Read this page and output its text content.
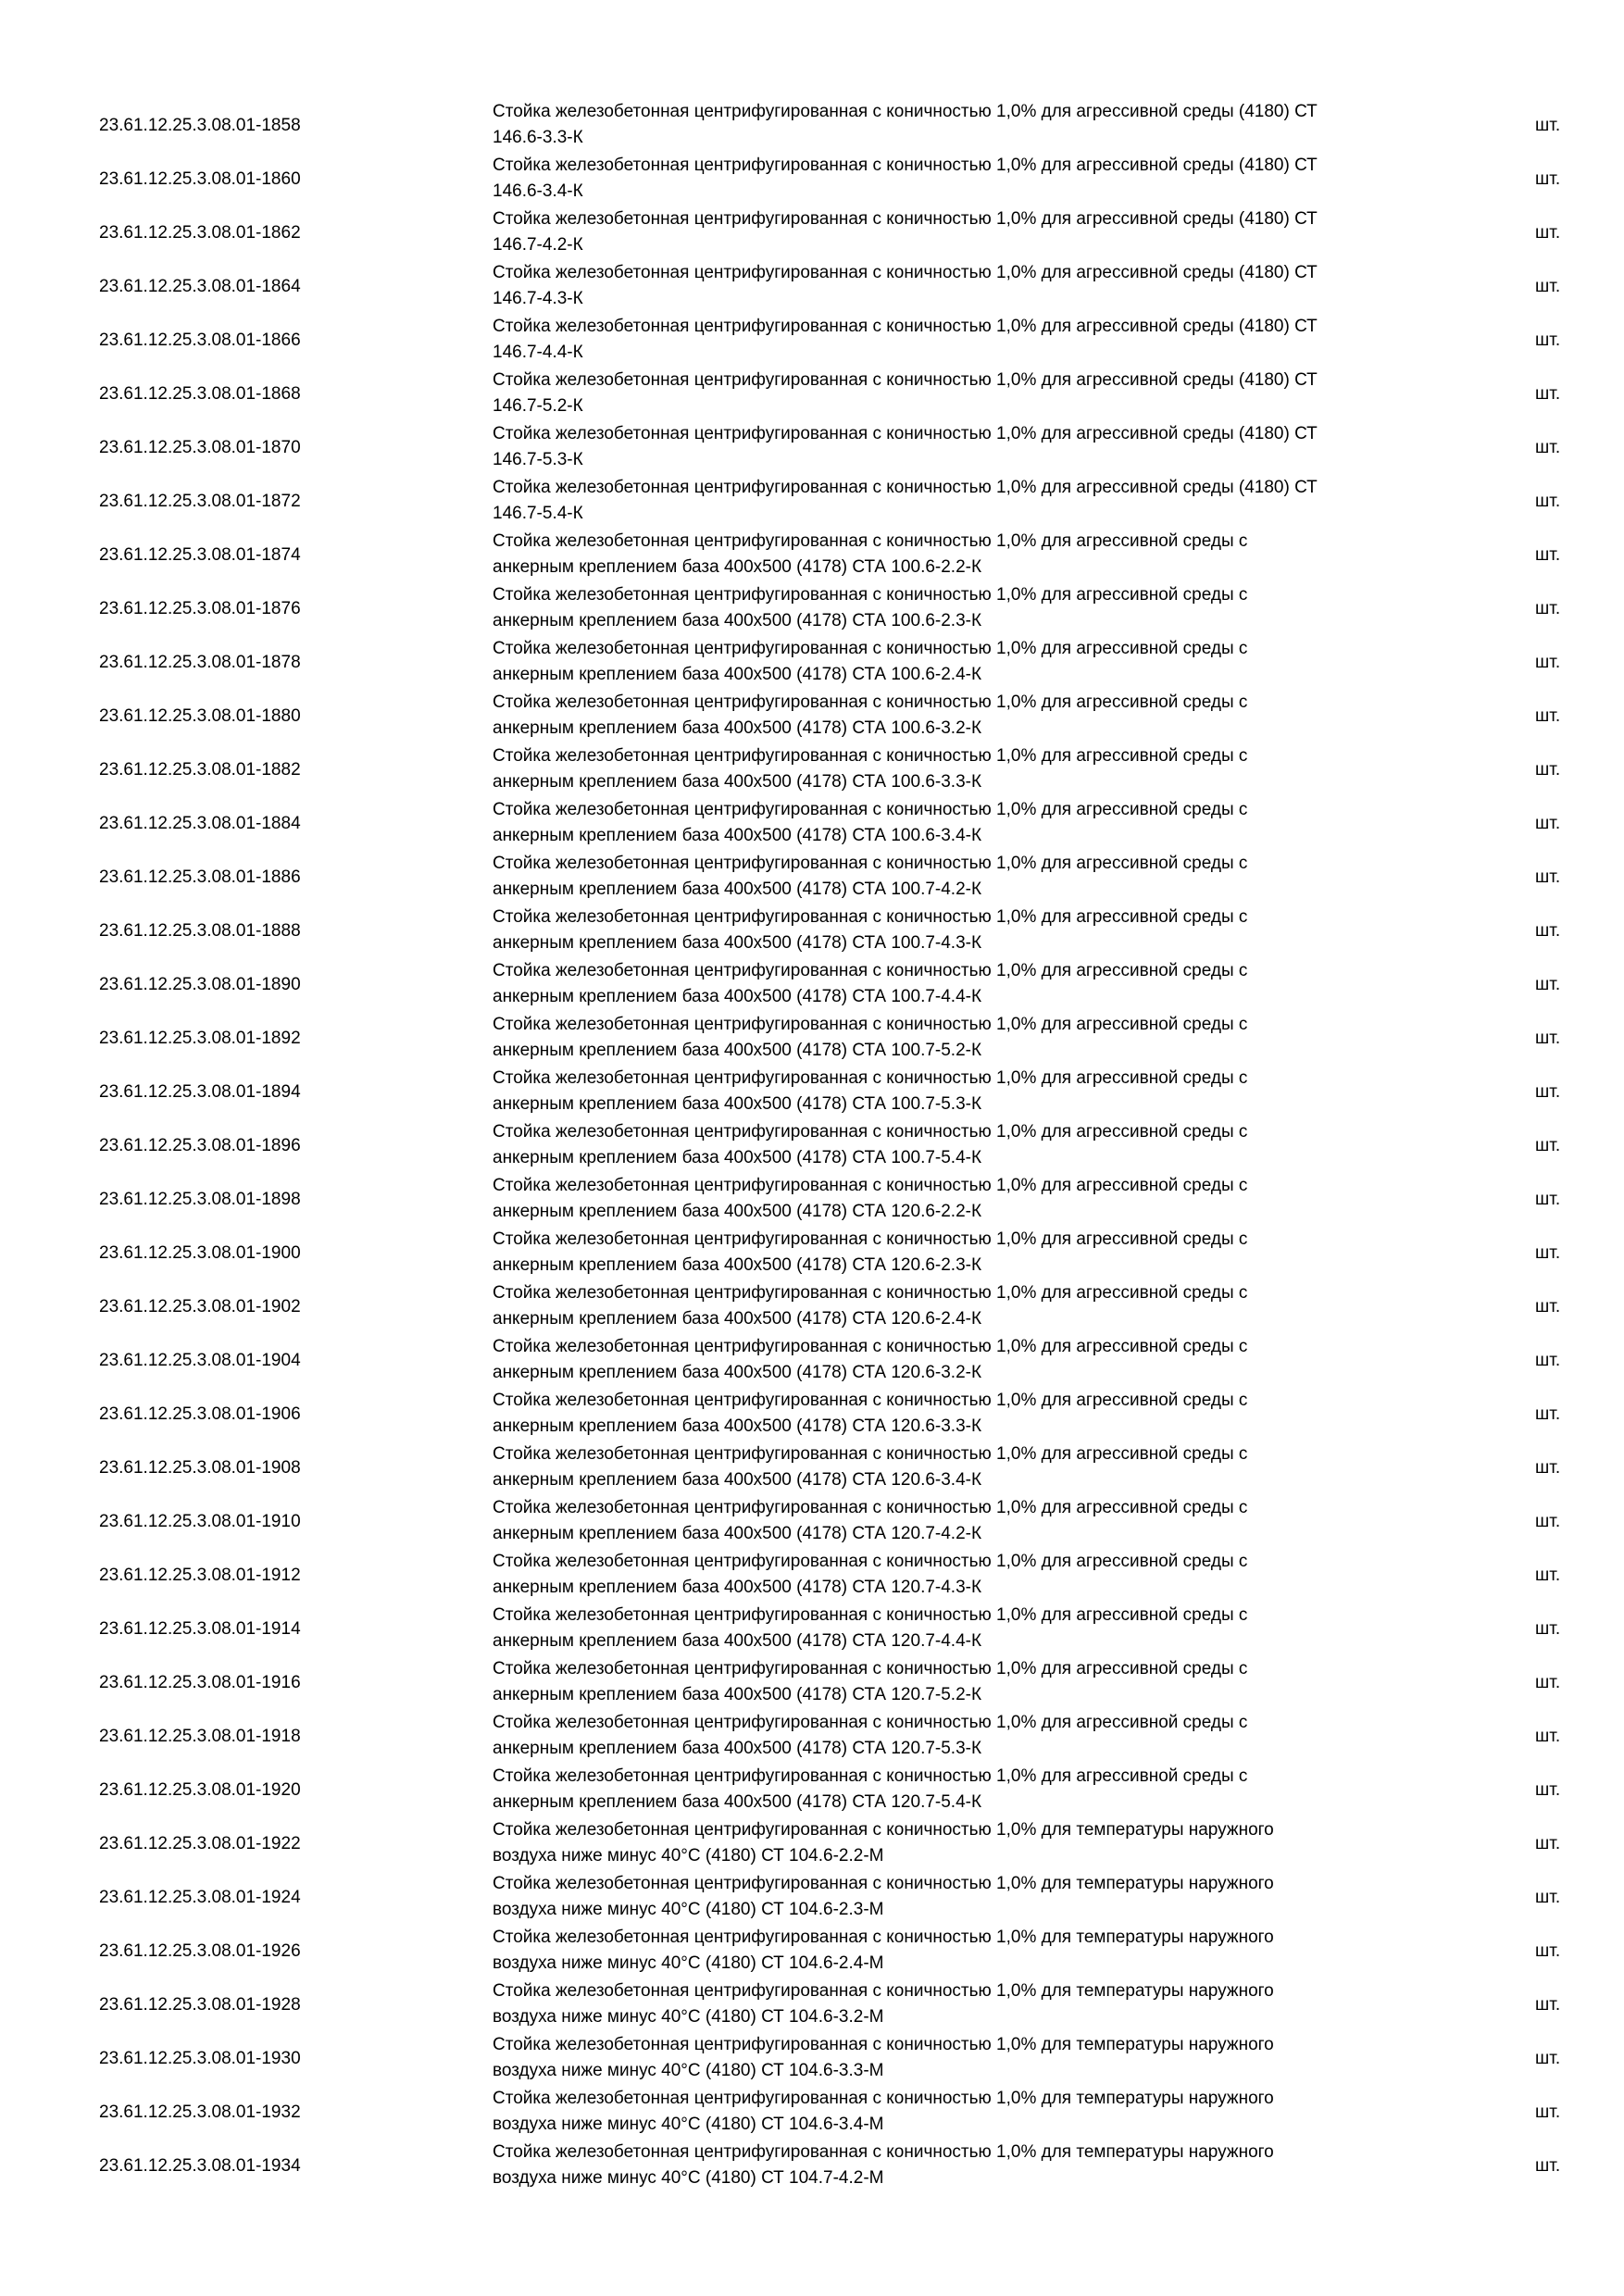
23.61.12.25.3.08.01-1858
Стойка железобетонная центрифугированная с коничностью 1,0% для агрессивной среды (4180) СТ
146.6-3.3-К
шт.
23.61.12.25.3.08.01-1860
Стойка железобетонная центрифугированная с коничностью 1,0% для агрессивной среды (4180) СТ
146.6-3.4-К
шт.
23.61.12.25.3.08.01-1862
Стойка железобетонная центрифугированная с коничностью 1,0% для агрессивной среды (4180) СТ
146.7-4.2-К
шт.
23.61.12.25.3.08.01-1864
Стойка железобетонная центрифугированная с коничностью 1,0% для агрессивной среды (4180) СТ
146.7-4.3-К
шт.
23.61.12.25.3.08.01-1866
Стойка железобетонная центрифугированная с коничностью 1,0% для агрессивной среды (4180) СТ
146.7-4.4-К
шт.
23.61.12.25.3.08.01-1868
Стойка железобетонная центрифугированная с коничностью 1,0% для агрессивной среды (4180) СТ
146.7-5.2-К
шт.
23.61.12.25.3.08.01-1870
Стойка железобетонная центрифугированная с коничностью 1,0% для агрессивной среды (4180) СТ
146.7-5.3-К
шт.
23.61.12.25.3.08.01-1872
Стойка железобетонная центрифугированная с коничностью 1,0% для агрессивной среды (4180) СТ
146.7-5.4-К
шт.
23.61.12.25.3.08.01-1874
Стойка железобетонная центрифугированная с коничностью 1,0% для агрессивной среды с
анкерным креплением база 400х500 (4178) СТА 100.6-2.2-К
шт.
23.61.12.25.3.08.01-1876
Стойка железобетонная центрифугированная с коничностью 1,0% для агрессивной среды с
анкерным креплением база 400х500 (4178) СТА 100.6-2.3-К
шт.
23.61.12.25.3.08.01-1878
Стойка железобетонная центрифугированная с коничностью 1,0% для агрессивной среды с
анкерным креплением база 400х500 (4178) СТА 100.6-2.4-К
шт.
23.61.12.25.3.08.01-1880
Стойка железобетонная центрифугированная с коничностью 1,0% для агрессивной среды с
анкерным креплением база 400х500 (4178) СТА 100.6-3.2-К
шт.
23.61.12.25.3.08.01-1882
Стойка железобетонная центрифугированная с коничностью 1,0% для агрессивной среды с
анкерным креплением база 400х500 (4178) СТА 100.6-3.3-К
шт.
23.61.12.25.3.08.01-1884
Стойка железобетонная центрифугированная с коничностью 1,0% для агрессивной среды с
анкерным креплением база 400х500 (4178) СТА 100.6-3.4-К
шт.
23.61.12.25.3.08.01-1886
Стойка железобетонная центрифугированная с коничностью 1,0% для агрессивной среды с
анкерным креплением база 400х500 (4178) СТА 100.7-4.2-К
шт.
23.61.12.25.3.08.01-1888
Стойка железобетонная центрифугированная с коничностью 1,0% для агрессивной среды с
анкерным креплением база 400х500 (4178) СТА 100.7-4.3-К
шт.
23.61.12.25.3.08.01-1890
Стойка железобетонная центрифугированная с коничностью 1,0% для агрессивной среды с
анкерным креплением база 400х500 (4178) СТА 100.7-4.4-К
шт.
23.61.12.25.3.08.01-1892
Стойка железобетонная центрифугированная с коничностью 1,0% для агрессивной среды с
анкерным креплением база 400х500 (4178) СТА 100.7-5.2-К
шт.
23.61.12.25.3.08.01-1894
Стойка железобетонная центрифугированная с коничностью 1,0% для агрессивной среды с
анкерным креплением база 400х500 (4178) СТА 100.7-5.3-К
шт.
23.61.12.25.3.08.01-1896
Стойка железобетонная центрифугированная с коничностью 1,0% для агрессивной среды с
анкерным креплением база 400х500 (4178) СТА 100.7-5.4-К
шт.
23.61.12.25.3.08.01-1898
Стойка железобетонная центрифугированная с коничностью 1,0% для агрессивной среды с
анкерным креплением база 400х500 (4178) СТА 120.6-2.2-К
шт.
23.61.12.25.3.08.01-1900
Стойка железобетонная центрифугированная с коничностью 1,0% для агрессивной среды с
анкерным креплением база 400х500 (4178) СТА 120.6-2.3-К
шт.
23.61.12.25.3.08.01-1902
Стойка железобетонная центрифугированная с коничностью 1,0% для агрессивной среды с
анкерным креплением база 400х500 (4178) СТА 120.6-2.4-К
шт.
23.61.12.25.3.08.01-1904
Стойка железобетонная центрифугированная с коничностью 1,0% для агрессивной среды с
анкерным креплением база 400х500 (4178) СТА 120.6-3.2-К
шт.
23.61.12.25.3.08.01-1906
Стойка железобетонная центрифугированная с коничностью 1,0% для агрессивной среды с
анкерным креплением база 400х500 (4178) СТА 120.6-3.3-К
шт.
23.61.12.25.3.08.01-1908
Стойка железобетонная центрифугированная с коничностью 1,0% для агрессивной среды с
анкерным креплением база 400х500 (4178) СТА 120.6-3.4-К
шт.
23.61.12.25.3.08.01-1910
Стойка железобетонная центрифугированная с коничностью 1,0% для агрессивной среды с
анкерным креплением база 400х500 (4178) СТА 120.7-4.2-К
шт.
23.61.12.25.3.08.01-1912
Стойка железобетонная центрифугированная с коничностью 1,0% для агрессивной среды с
анкерным креплением база 400х500 (4178) СТА 120.7-4.3-К
шт.
23.61.12.25.3.08.01-1914
Стойка железобетонная центрифугированная с коничностью 1,0% для агрессивной среды с
анкерным креплением база 400х500 (4178) СТА 120.7-4.4-К
шт.
23.61.12.25.3.08.01-1916
Стойка железобетонная центрифугированная с коничностью 1,0% для агрессивной среды с
анкерным креплением база 400х500 (4178) СТА 120.7-5.2-К
шт.
23.61.12.25.3.08.01-1918
Стойка железобетонная центрифугированная с коничностью 1,0% для агрессивной среды с
анкерным креплением база 400х500 (4178) СТА 120.7-5.3-К
шт.
23.61.12.25.3.08.01-1920
Стойка железобетонная центрифугированная с коничностью 1,0% для агрессивной среды с
анкерным креплением база 400х500 (4178) СТА 120.7-5.4-К
шт.
23.61.12.25.3.08.01-1922
Стойка железобетонная центрифугированная с коничностью 1,0% для температуры наружного
воздуха ниже минус 40°С (4180) СТ 104.6-2.2-М
шт.
23.61.12.25.3.08.01-1924
Стойка железобетонная центрифугированная с коничностью 1,0% для температуры наружного
воздуха ниже минус 40°С (4180) СТ 104.6-2.3-М
шт.
23.61.12.25.3.08.01-1926
Стойка железобетонная центрифугированная с коничностью 1,0% для температуры наружного
воздуха ниже минус 40°С (4180) СТ 104.6-2.4-М
шт.
23.61.12.25.3.08.01-1928
Стойка железобетонная центрифугированная с коничностью 1,0% для температуры наружного
воздуха ниже минус 40°С (4180) СТ 104.6-3.2-М
шт.
23.61.12.25.3.08.01-1930
Стойка железобетонная центрифугированная с коничностью 1,0% для температуры наружного
воздуха ниже минус 40°С (4180) СТ 104.6-3.3-М
шт.
23.61.12.25.3.08.01-1932
Стойка железобетонная центрифугированная с коничностью 1,0% для температуры наружного
воздуха ниже минус 40°С (4180) СТ 104.6-3.4-М
шт.
23.61.12.25.3.08.01-1934
Стойка железобетонная центрифугированная с коничностью 1,0% для температуры наружного
воздуха ниже минус 40°С (4180) СТ 104.7-4.2-М
шт.
